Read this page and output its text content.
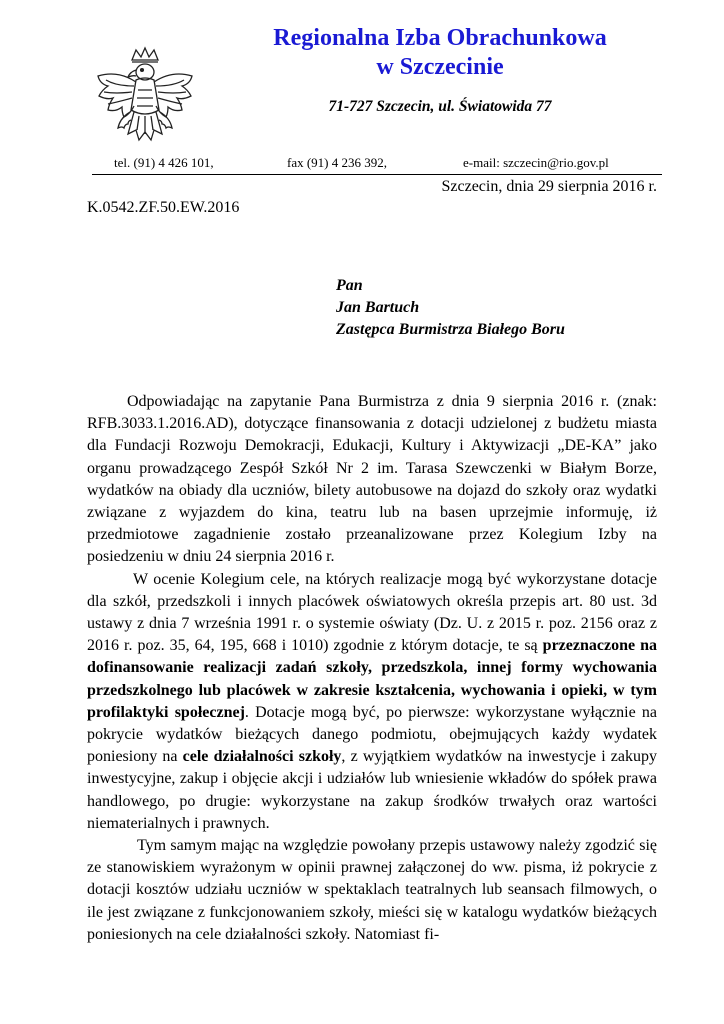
Regionalna Izba Obrachunkowa
w Szczecinie
71-727 Szczecin, ul. Światowida 77
tel. (91) 4 426 101,	fax (91) 4 236 392,	e-mail: szczecin@rio.gov.pl
Szczecin, dnia 29 sierpnia 2016 r.
K.0542.ZF.50.EW.2016
Pan
Jan Bartuch
Zastępca Burmistrza Białego Boru

Odpowiadając na zapytanie Pana Burmistrza z dnia 9 sierpnia 2016 r. (znak: RFB.3033.1.2016.AD), dotyczące finansowania z dotacji udzielonej z budżetu miasta dla Fundacji Rozwoju Demokracji, Edukacji, Kultury i Aktywizacji „DE-KA” jako organu prowadzącego Zespół Szkół Nr 2 im. Tarasa Szewczenki w Białym Borze, wydatków na obiady dla uczniów, bilety autobusowe na dojazd do szkoły oraz wydatki związane z wyjazdem do kina, teatru lub na basen uprzejmie informuję, iż przedmiotowe zagadnienie zostało przeanalizowane przez Kolegium Izby na posiedzeniu w dniu 24 sierpnia 2016 r.

W ocenie Kolegium cele, na których realizacje mogą być wykorzystane dotacje dla szkół, przedszkoli i innych placówek oświatowych określa przepis art. 80 ust. 3d ustawy z dnia 7 września 1991 r. o systemie oświaty (Dz. U. z 2015 r. poz. 2156 oraz z 2016 r. poz. 35, 64, 195, 668 i 1010) zgodnie z którym dotacje, te są przeznaczone na dofinansowanie realizacji zadań szkoły, przedszkola, innej formy wychowania przedszkolnego lub placówek w zakresie kształcenia, wychowania i opieki, w tym profilaktyki społecznej. Dotacje mogą być, po pierwsze: wykorzystane wyłącznie na pokrycie wydatków bieżących danego podmiotu, obejmujących każdy wydatek poniesiony na cele działalności szkoły, z wyjątkiem wydatków na inwestycje i zakupy inwestycyjne, zakup i objęcie akcji i udziałów lub wniesienie wkładów do spółek prawa handlowego, po drugie: wykorzystane na zakup środków trwałych oraz wartości niematerialnych i prawnych.

Tym samym mając na względzie powołany przepis ustawowy należy zgodzić się ze stanowiskiem wyrażonym w opinii prawnej załączonej do ww. pisma, iż pokrycie z dotacji kosztów udziału uczniów w spektaklach teatralnych lub seansach filmowych, o ile jest związane z funkcjonowaniem szkoły, mieści się w katalogu wydatków bieżących poniesionych na cele działalności szkoły. Natomiast fi-
